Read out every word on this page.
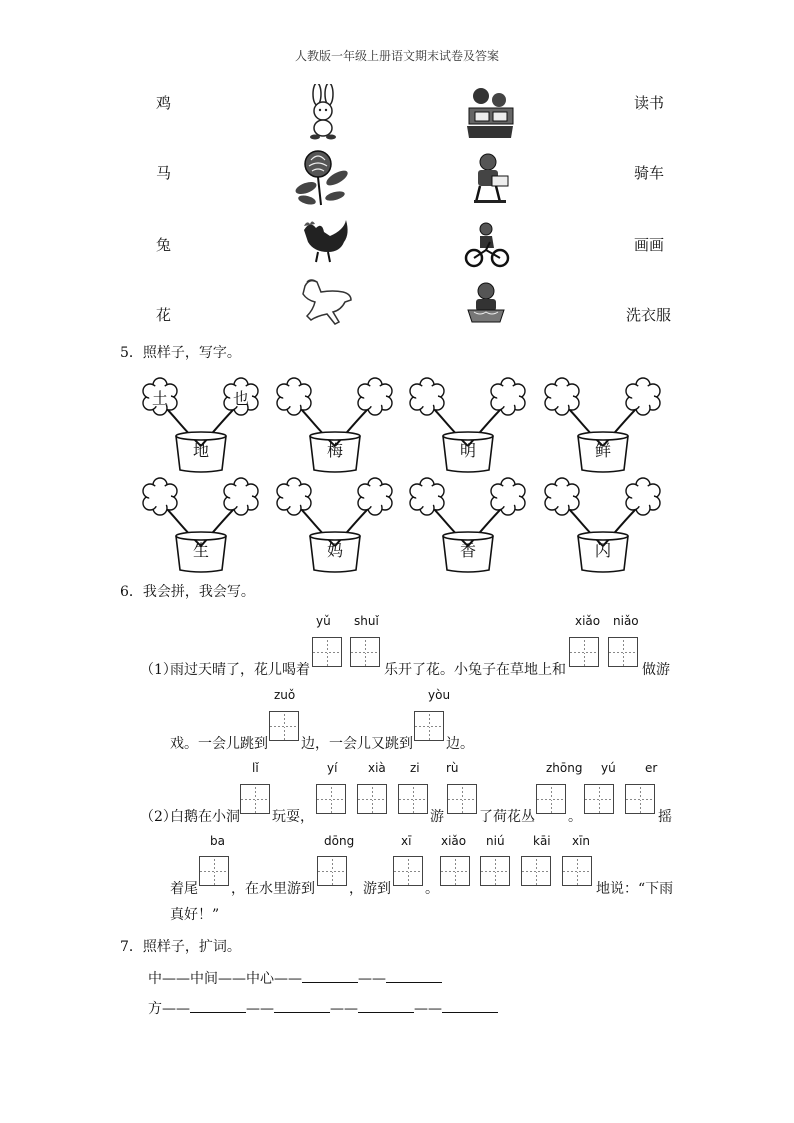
人教版一年级上册语文期末试卷及答案
鸡
马
兔
花
读书
骑车
画画
洗衣服
5．照样子，写字。
土	也
地	梅	明	鲜
生	妈	香	闪
6．我会拼，我会写。
yǔ shuǐ	xiǎo niǎo
（1）
雨过天晴了，花儿喝着	乐开了花。小兔子在草地上和	做游
zuǒ	yòu
戏。一会儿跳到 边，一会儿又跳到 边。
lǐ	yí	xià zi rù	zhōng yú er
（2）
白鹅在小洞 玩耍，	游	了荷花丛 。	摇
ba	dōng	xī xiǎo niú kāi xīn
着尾 ，在水里游到 ，游到 。	地说：“下雨
真好！”
7．照样子，扩词。
中——中间——中心——	——
方——	——	——	——
